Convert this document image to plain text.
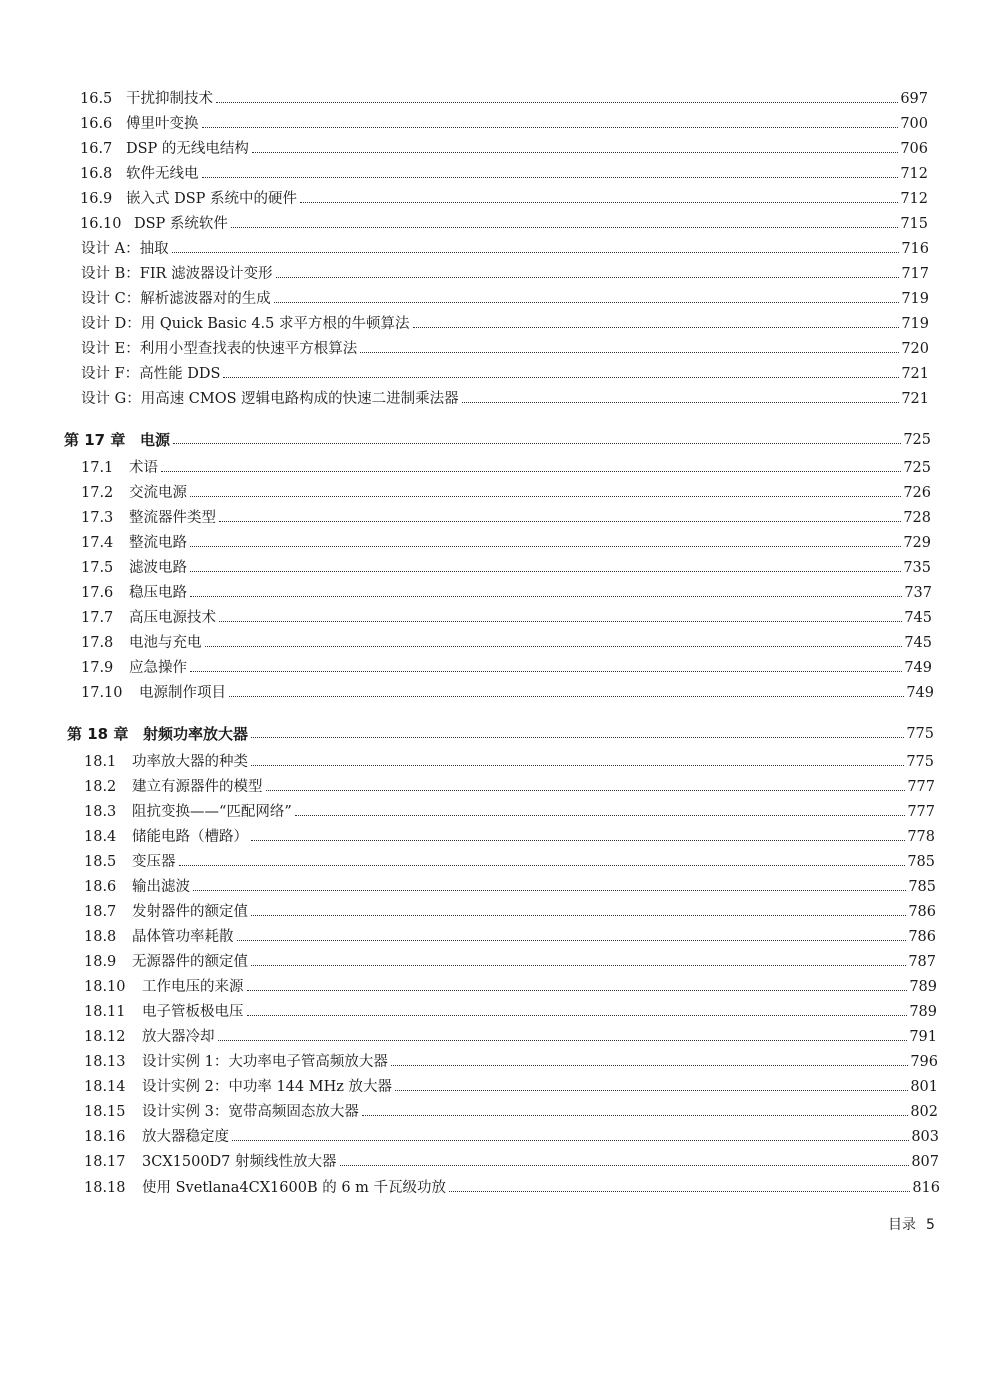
16.5 干扰抑制技术	697
16.6 傅里叶变换	700
16.7 DSP 的无线电结构	706
16.8 软件无线电	712
16.9 嵌入式 DSP 系统中的硬件	712
16.10 DSP 系统软件	715
设计 A：抽取	716
设计 B：FIR 滤波器设计变形	717
设计 C：解析滤波器对的生成	719
设计 D：用 Quick Basic 4.5 求平方根的牛顿算法	719
设计 E：利用小型查找表的快速平方根算法	720
设计 F：高性能 DDS	721
设计 G：用高速 CMOS 逻辑电路构成的快速二进制乘法器	721
第 17 章 电源	725
17.1	术语	725
17.2	交流电源	726
17.3	整流器件类型	728
17.4	整流电路	729
17.5	滤波电路	735
17.6	稳压电路	737
17.7	高压电源技术	745
17.8	电池与充电	745
17.9	应急操作	749
17.10	电源制作项目	749
第 18 章 射频功率放大器	775
18.1	功率放大器的种类	775
18.2	建立有源器件的模型	777
18.3	阻抗变换——“匹配网络”	777
18.4	储能电路（槽路）	778
18.5	变压器	785
18.6	输出滤波	785
18.7	发射器件的额定值	786
18.8	晶体管功率耗散	786
18.9	无源器件的额定值	787
18.10	工作电压的来源	789
18.11	电子管板极电压	789
18.12	放大器冷却	791
18.13	设计实例 1：大功率电子管高频放大器	796
18.14	设计实例 2：中功率 144 MHz 放大器	801
18.15	设计实例 3：宽带高频固态放大器	802
18.16	放大器稳定度	803
18.17	3CX1500D7 射频线性放大器	807
18.18	使用 Svetlana4CX1600B 的 6 m 千瓦级功放	816
目录 5
